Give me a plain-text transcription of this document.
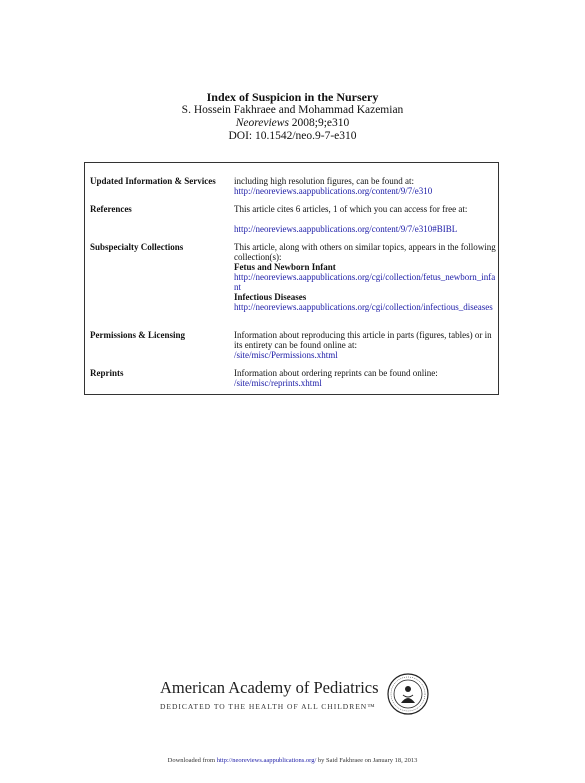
Index of Suspicion in the Nursery
S. Hossein Fakhraee and Mohammad Kazemian
Neoreviews 2008;9;e310
DOI: 10.1542/neo.9-7-e310
Updated Information & Services	including high resolution figures, can be found at:
http://neoreviews.aappublications.org/content/9/7/e310
References	This article cites 6 articles, 1 of which you can access for free at:
http://neoreviews.aappublications.org/content/9/7/e310#BIBL
Subspecialty Collections	This article, along with others on similar topics, appears in the following collection(s):
Fetus and Newborn Infant
http://neoreviews.aappublications.org/cgi/collection/fetus_newborn_infant
Infectious Diseases
http://neoreviews.aappublications.org/cgi/collection/infectious_diseases
Permissions & Licensing	Information about reproducing this article in parts (figures, tables) or in its entirety can be found online at:
/site/misc/Permissions.xhtml
Reprints	Information about ordering reprints can be found online:
/site/misc/reprints.xhtml
American Academy of Pediatrics
DEDICATED TO THE HEALTH OF ALL CHILDREN™
Downloaded from http://neoreviews.aappublications.org/ by Said Fakhraee on January 18, 2013
